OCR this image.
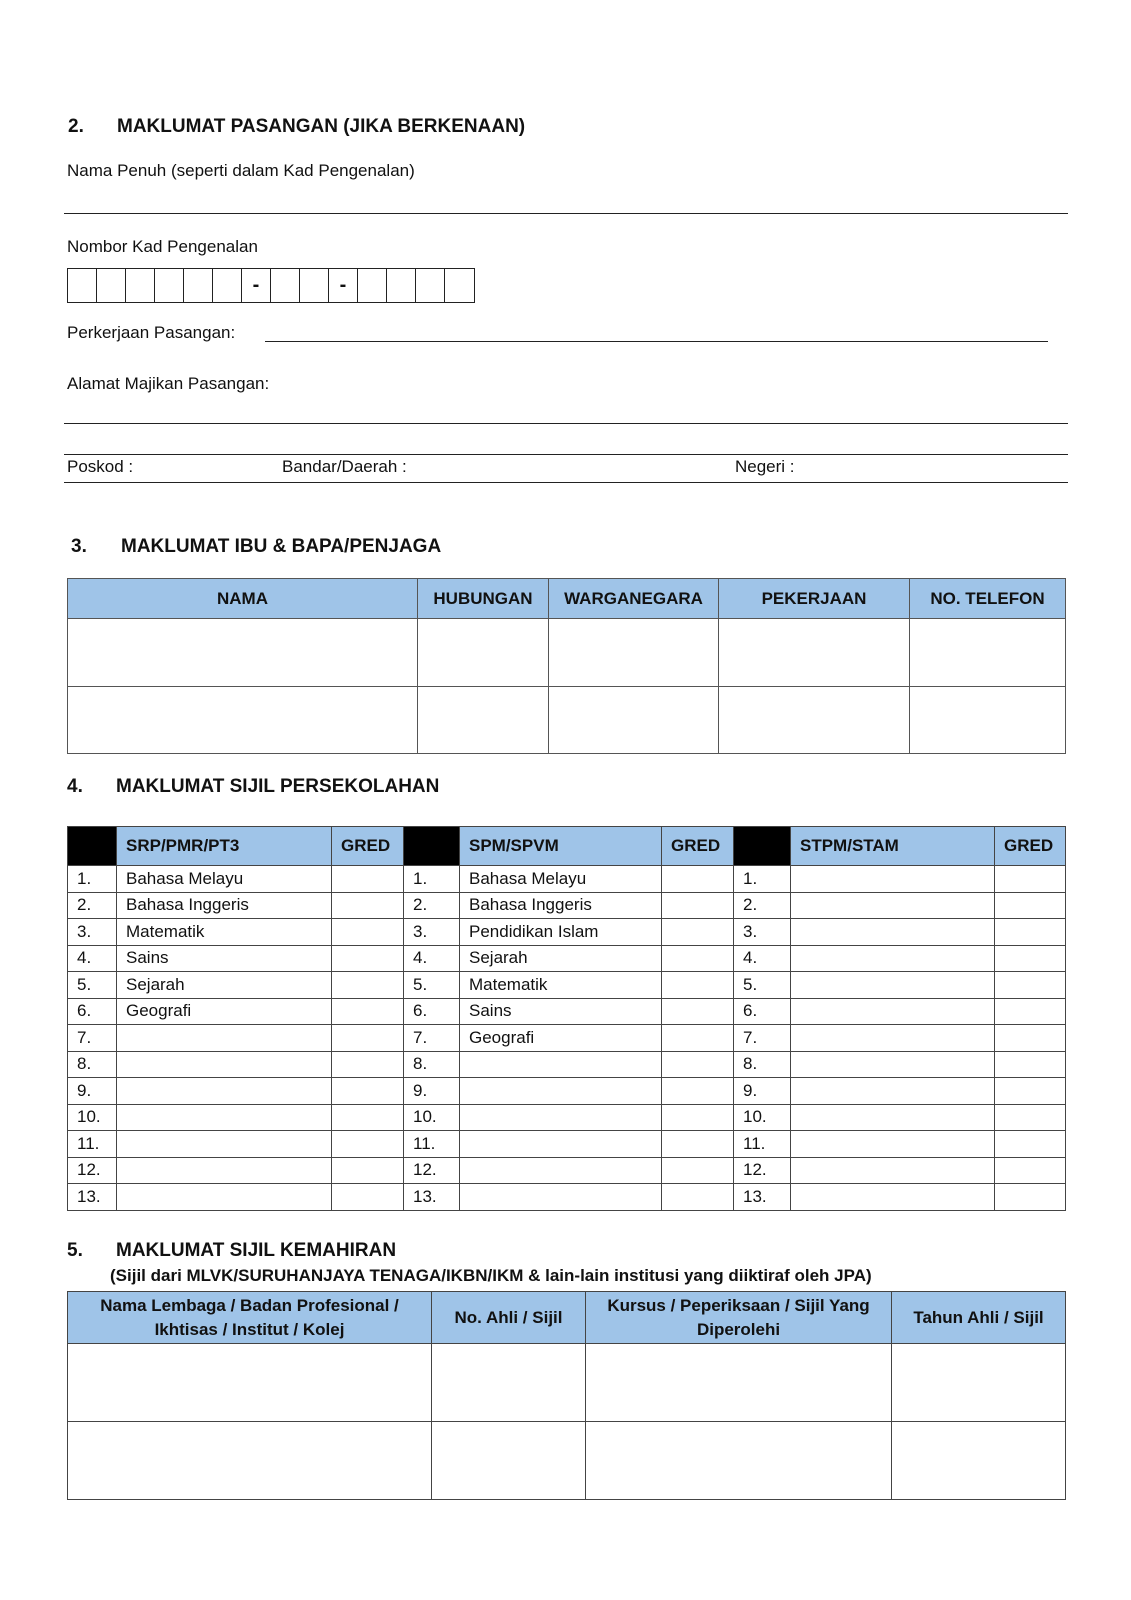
2. MAKLUMAT PASANGAN (JIKA BERKENAAN)
Nama Penuh (seperti dalam Kad Pengenalan)
Nombor Kad Pengenalan
-	-
Perkerjaan Pasangan:
Alamat Majikan Pasangan:
Poskod :	Bandar/Daerah :	Negeri :
3. MAKLUMAT IBU & BAPA/PENJAGA
NAMA	HUBUNGAN	WARGANEGARA	PEKERJAAN	NO. TELEFON

4. MAKLUMAT SIJIL PERSEKOLAHAN
	SRP/PMR/PT3	GRED		SPM/SPVM	GRED		STPM/STAM	GRED
1.	Bahasa Melayu		1.	Bahasa Melayu		1.		
2.	Bahasa Inggeris		2.	Bahasa Inggeris		2.		
3.	Matematik		3.	Pendidikan Islam		3.		
4.	Sains		4.	Sejarah		4.		
5.	Sejarah		5.	Matematik		5.		
6.	Geografi		6.	Sains		6.		
7.			7.	Geografi		7.		
8.			8.			8.		
9.			9.			9.		
10.			10.			10.		
11.			11.			11.		
12.			12.			12.		
13.			13.			13.		
5. MAKLUMAT SIJIL KEMAHIRAN
(Sijil dari MLVK/SURUHANJAYA TENAGA/IKBN/IKM & lain-lain institusi yang diiktiraf oleh JPA)
Nama Lembaga / Badan Profesional / Ikhtisas / Institut / Kolej	No. Ahli / Sijil	Kursus / Peperiksaan / Sijil Yang Diperolehi	Tahun Ahli / Sijil
